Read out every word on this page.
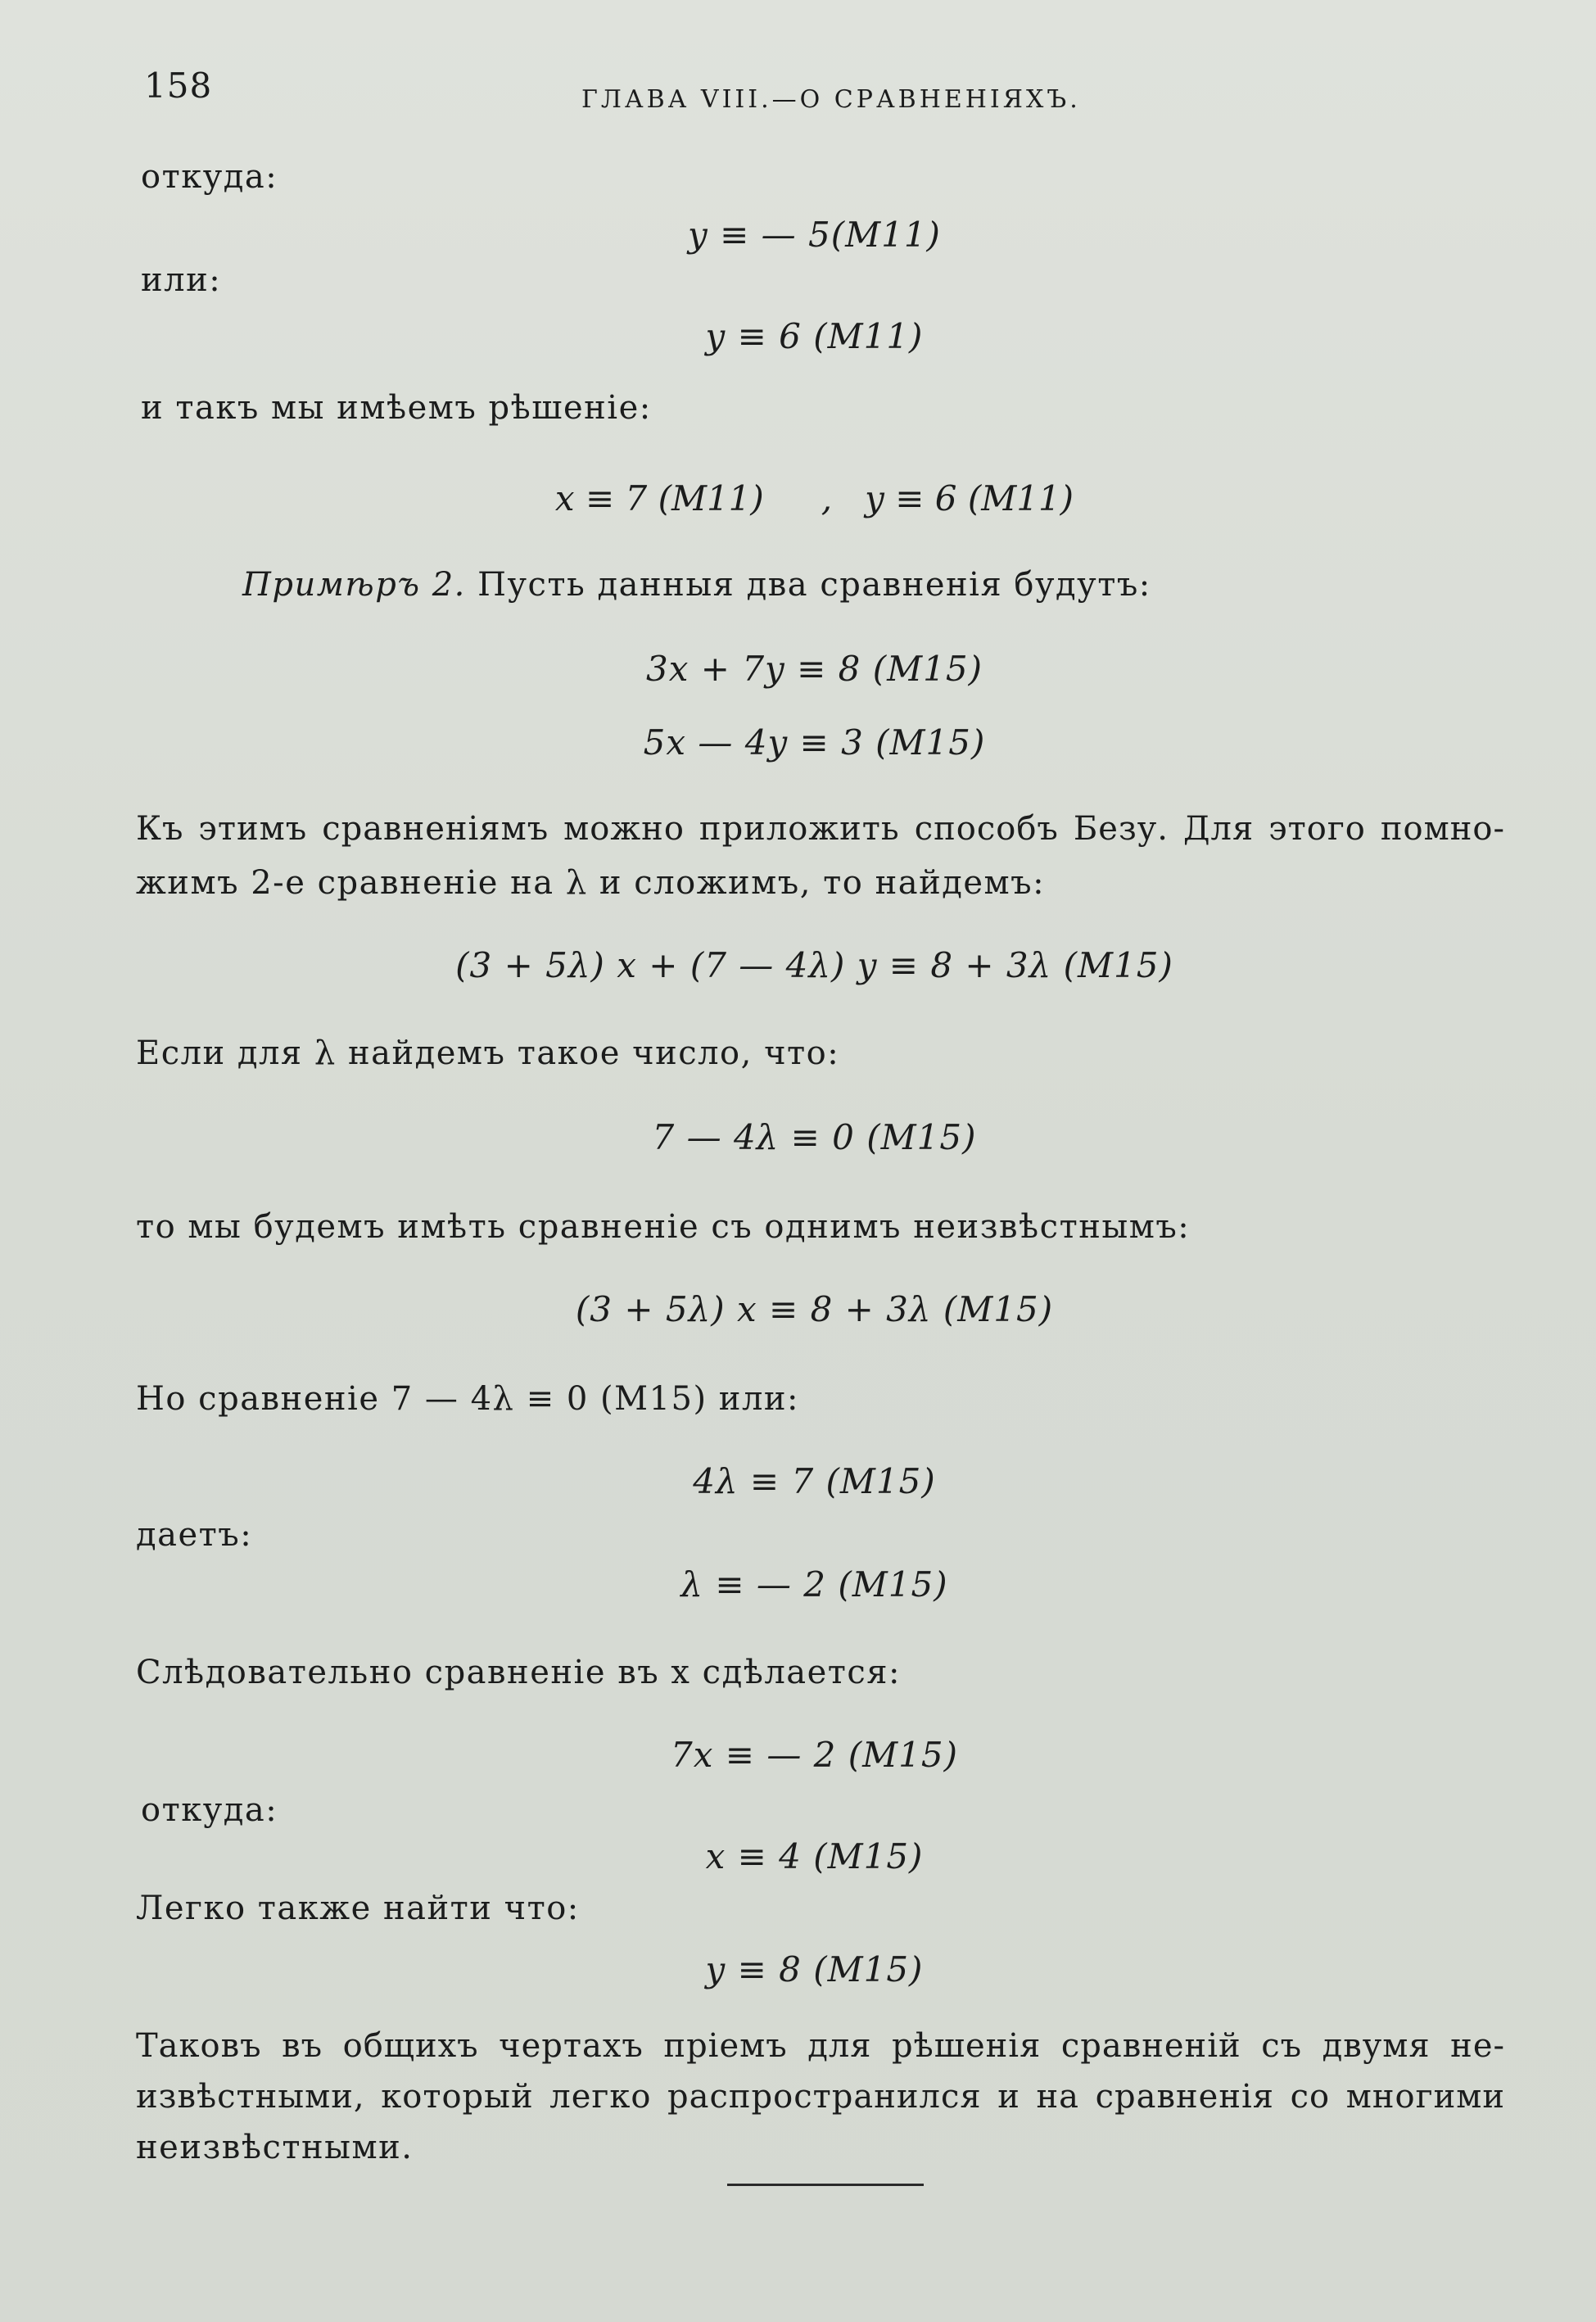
158	ГЛАВА VIII.—О СРАВНЕНІЯХЪ.
откуда:
y ≡ — 5(M11)
или:
y ≡ 6 (M11)
и такъ мы имѣемъ рѣшеніе:
x ≡ 7 (M11) , y ≡ 6 (M11)
Примѣръ 2. Пусть данныя два сравненія будутъ:
3x + 7y ≡ 8 (M15)
5x — 4y ≡ 3 (M15)
Къ этимъ сравненіямъ можно приложить способъ Безу. Для этого помно-
жимъ 2-е сравненіе на λ и сложимъ, то найдемъ:
(3 + 5λ) x + (7 — 4λ) y ≡ 8 + 3λ (M15)
Если для λ найдемъ такое число, что:
7 — 4λ ≡ 0 (M15)
то мы будемъ имѣть сравненіе съ однимъ неизвѣстнымъ:
(3 + 5λ) x ≡ 8 + 3λ (M15)
Но сравненіе 7 — 4λ ≡ 0 (M15) или:
4λ ≡ 7 (M15)
даетъ:
λ ≡ — 2 (M15)
Слѣдовательно сравненіе въ x сдѣлается:
7x ≡ — 2 (M15)
откуда:
x ≡ 4 (M15)
Легко также найти что:
y ≡ 8 (M15)
Таковъ въ общихъ чертахъ пріемъ для рѣшенія сравненій съ двумя не-
извѣстными, который легко распространился и на сравненія со многими
неизвѣстными.
